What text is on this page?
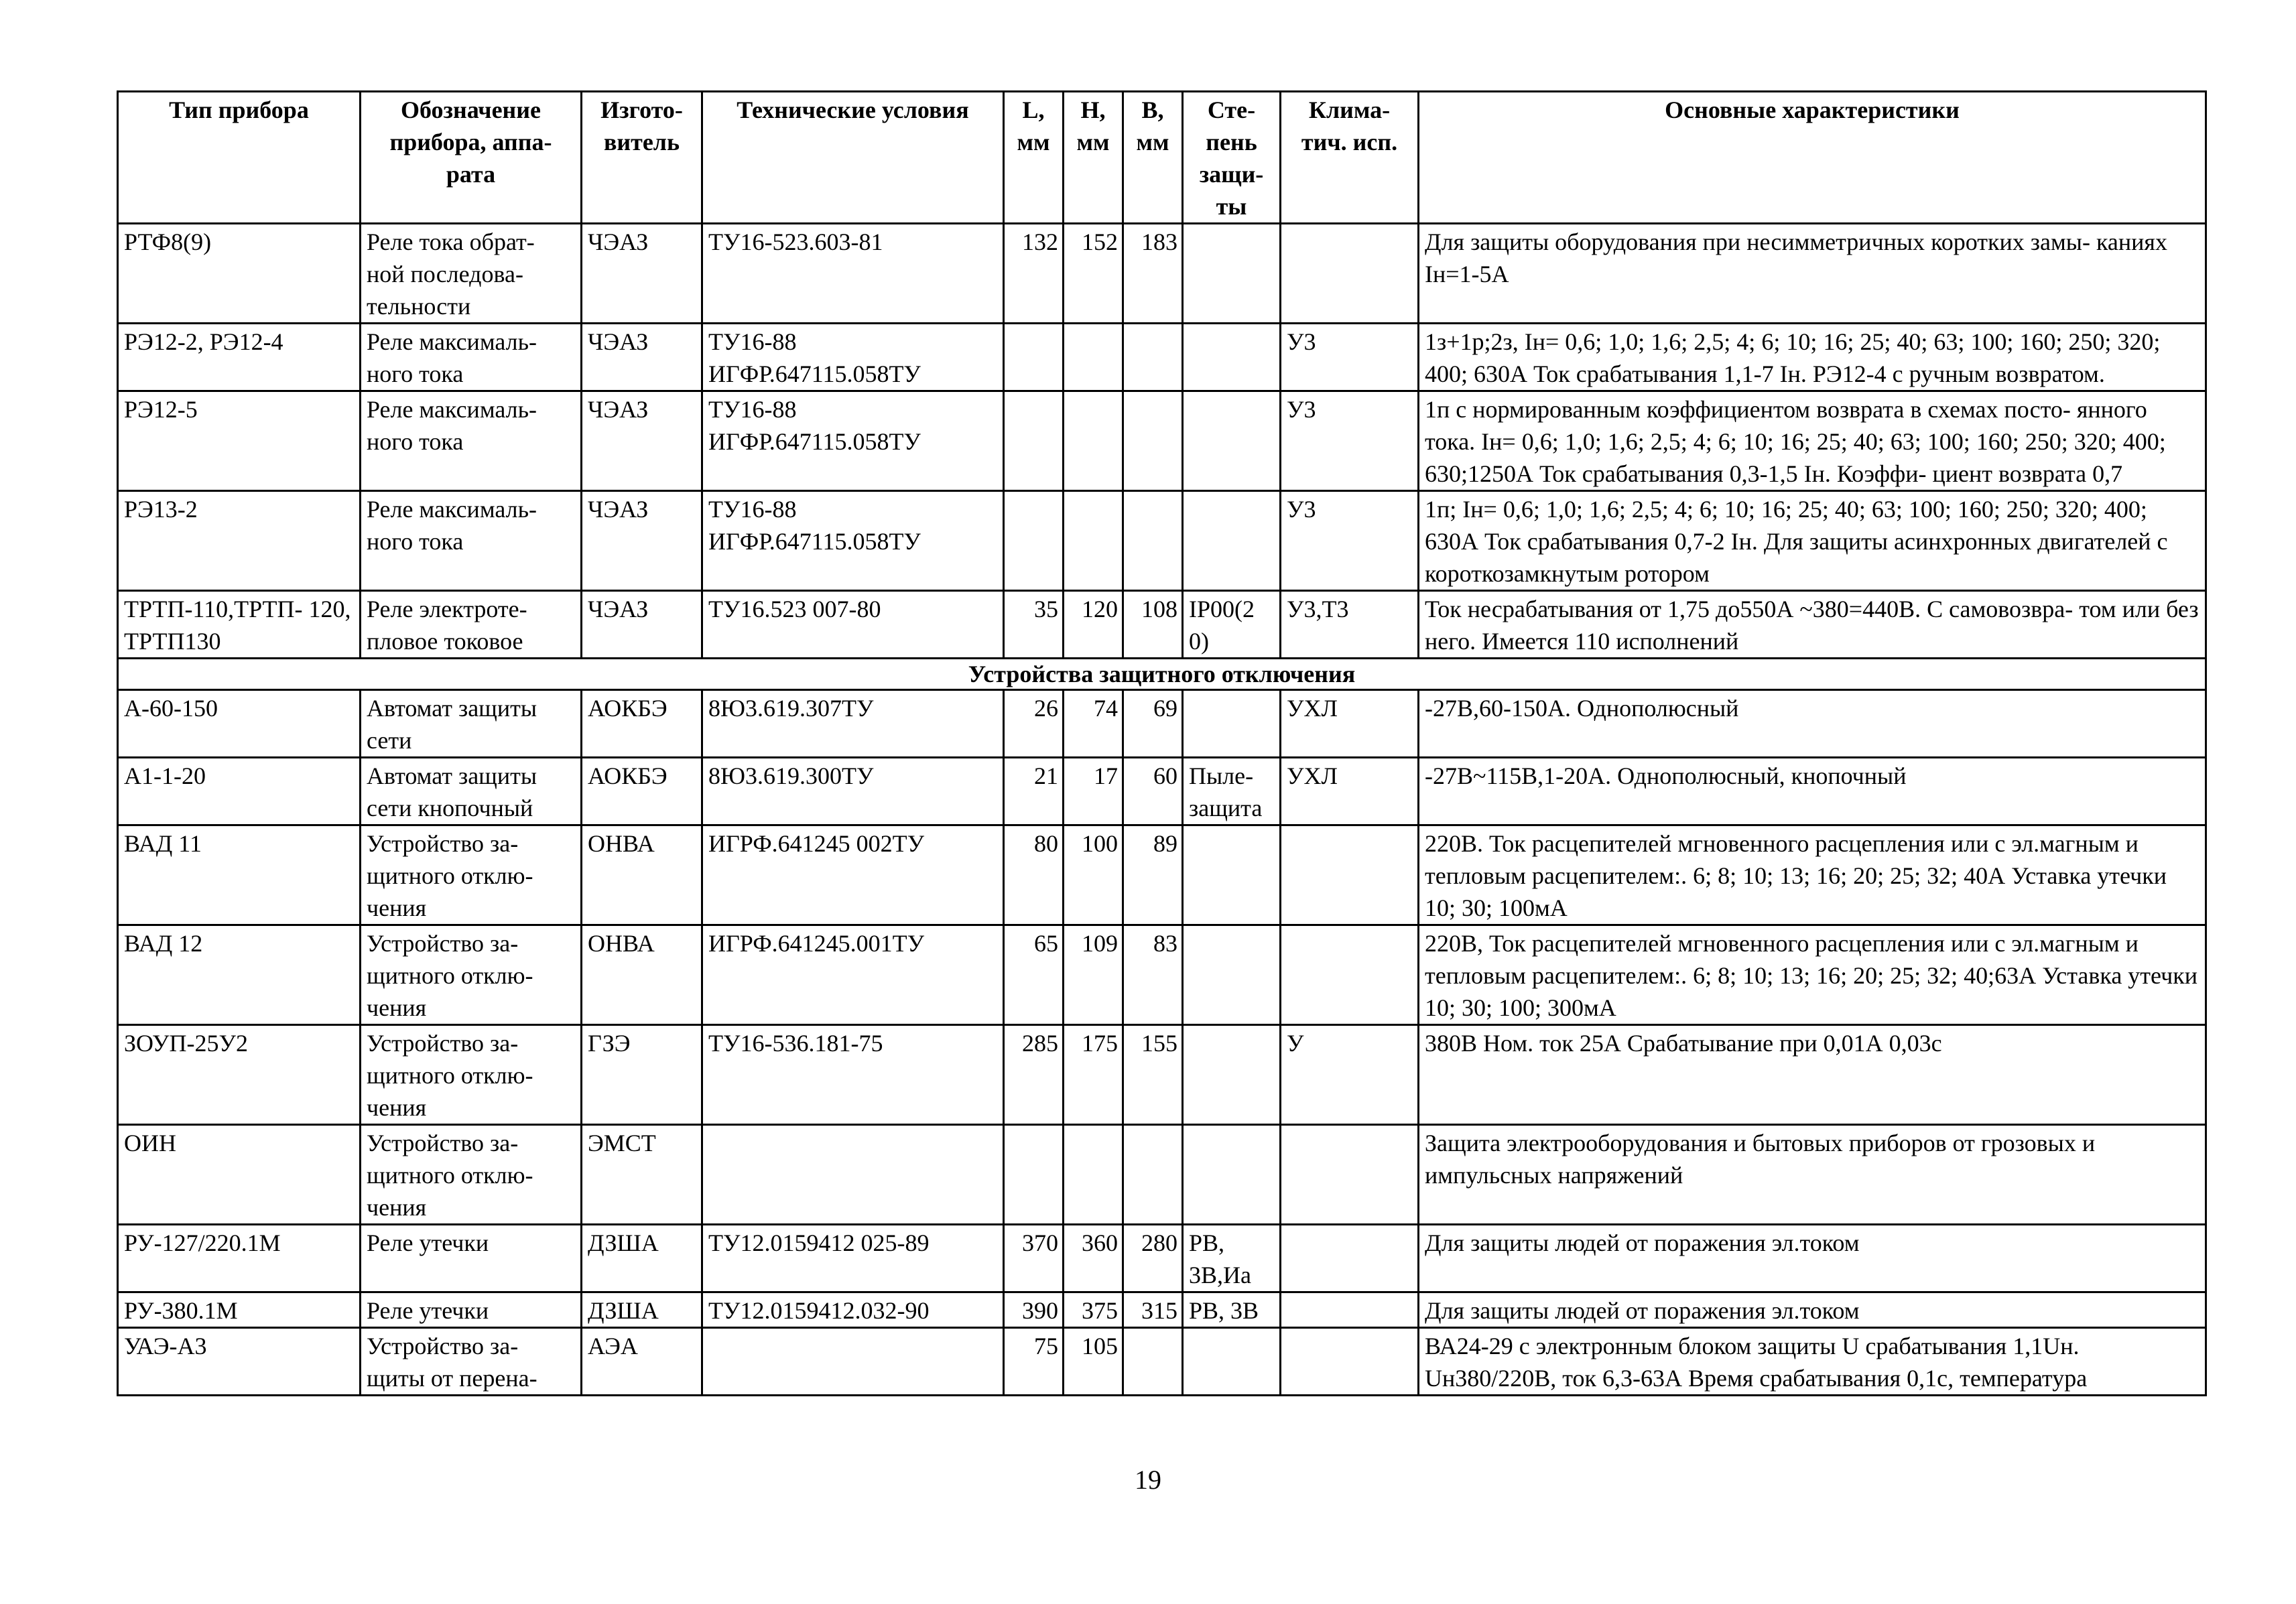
Тип прибора	Обозначение прибора, аппа- рата	Изгото- витель	Технические условия	L, мм	H, мм	B, мм	Сте- пень защи- ты	Клима- тич. исп.	Основные характеристики
РТФ8(9)	Реле тока обрат- ной последова- тельности	ЧЭАЗ	ТУ16-523.603-81	132	152	183			Для защиты оборудования при несимметричных коротких замы- каниях Iн=1-5А
РЭ12-2, РЭ12-4	Реле максималь- ного тока	ЧЭАЗ	ТУ16-88 ИГФР.647115.058ТУ					У3	1з+1р;2з, Iн= 0,6; 1,0; 1,6; 2,5; 4; 6; 10; 16; 25; 40; 63; 100; 160; 250; 320; 400; 630А Ток срабатывания 1,1-7 Iн. РЭ12-4 с ручным возвратом.
РЭ12-5	Реле максималь- ного тока	ЧЭАЗ	ТУ16-88 ИГФР.647115.058ТУ					У3	1п с нормированным коэффициентом возврата в схемах посто- янного тока. Iн= 0,6; 1,0; 1,6; 2,5; 4; 6; 10; 16; 25; 40; 63; 100; 160; 250; 320; 400; 630;1250А Ток срабатывания 0,3-1,5 Iн. Коэффи- циент возврата 0,7
РЭ13-2	Реле максималь- ного тока	ЧЭАЗ	ТУ16-88 ИГФР.647115.058ТУ					У3	1п; Iн= 0,6; 1,0; 1,6; 2,5; 4; 6; 10; 16; 25; 40; 63; 100; 160; 250; 320; 400; 630А Ток срабатывания 0,7-2 Iн. Для защиты асинхронных двигателей с короткозамкнутым ротором
ТРТП-110,ТРТП- 120, ТРТП130	Реле электроте- пловое токовое	ЧЭАЗ	ТУ16.523 007-80	35	120	108	IP00(2 0)	У3,Т3	Ток несрабатывания от 1,75 до550А ~380=440В. С самовозвра- том или без него. Имеется 110 исполнений
Устройства защитного отключения									
А-60-150	Автомат защиты сети	АОКБЭ	8Ю3.619.307ТУ	26	74	69		УХЛ	-27В,60-150А. Однополюсный
А1-1-20	Автомат защиты сети кнопочный	АОКБЭ	8Ю3.619.300ТУ	21	17	60	Пыле- защита	УХЛ	-27В~115В,1-20А. Однополюсный, кнопочный
ВАД 11	Устройство за- щитного отклю- чения	ОНВА	ИГРФ.641245 002ТУ	80	100	89			220В. Ток расцепителей мгновенного расцепления или с эл.магным и тепловым расцепителем:. 6; 8; 10; 13; 16; 20; 25; 32; 40А Уставка утечки 10; 30; 100мА
ВАД 12	Устройство за- щитного отклю- чения	ОНВА	ИГРФ.641245.001ТУ	65	109	83			220В, Ток расцепителей мгновенного расцепления или с эл.магным и тепловым расцепителем:. 6; 8; 10; 13; 16; 20; 25; 32; 40;63А Уставка утечки 10; 30; 100; 300мА
ЗОУП-25У2	Устройство за- щитного отклю- чения	ГЗЭ	ТУ16-536.181-75	285	175	155		У	380В Ном. ток 25А Срабатывание при 0,01А 0,03с
ОИН	Устройство за- щитного отклю- чения	ЭМСТ							Защита электрооборудования и бытовых приборов от грозовых и импульсных напряжений
РУ-127/220.1М	Реле утечки	ДЗША	ТУ12.0159412 025-89	370	360	280	РВ, 3В,Иа		Для защиты людей от поражения эл.током
РУ-380.1М	Реле утечки	ДЗША	ТУ12.0159412.032-90	390	375	315	РВ, 3В		Для защиты людей от поражения эл.током
УАЭ-А3	Устройство за- щиты от перена-	АЭА		75	105				ВА24-29 с электронным блоком защиты U срабатывания 1,1Uн. Uн380/220В, ток 6,3-63А Время срабатывания 0,1с, температура
19
